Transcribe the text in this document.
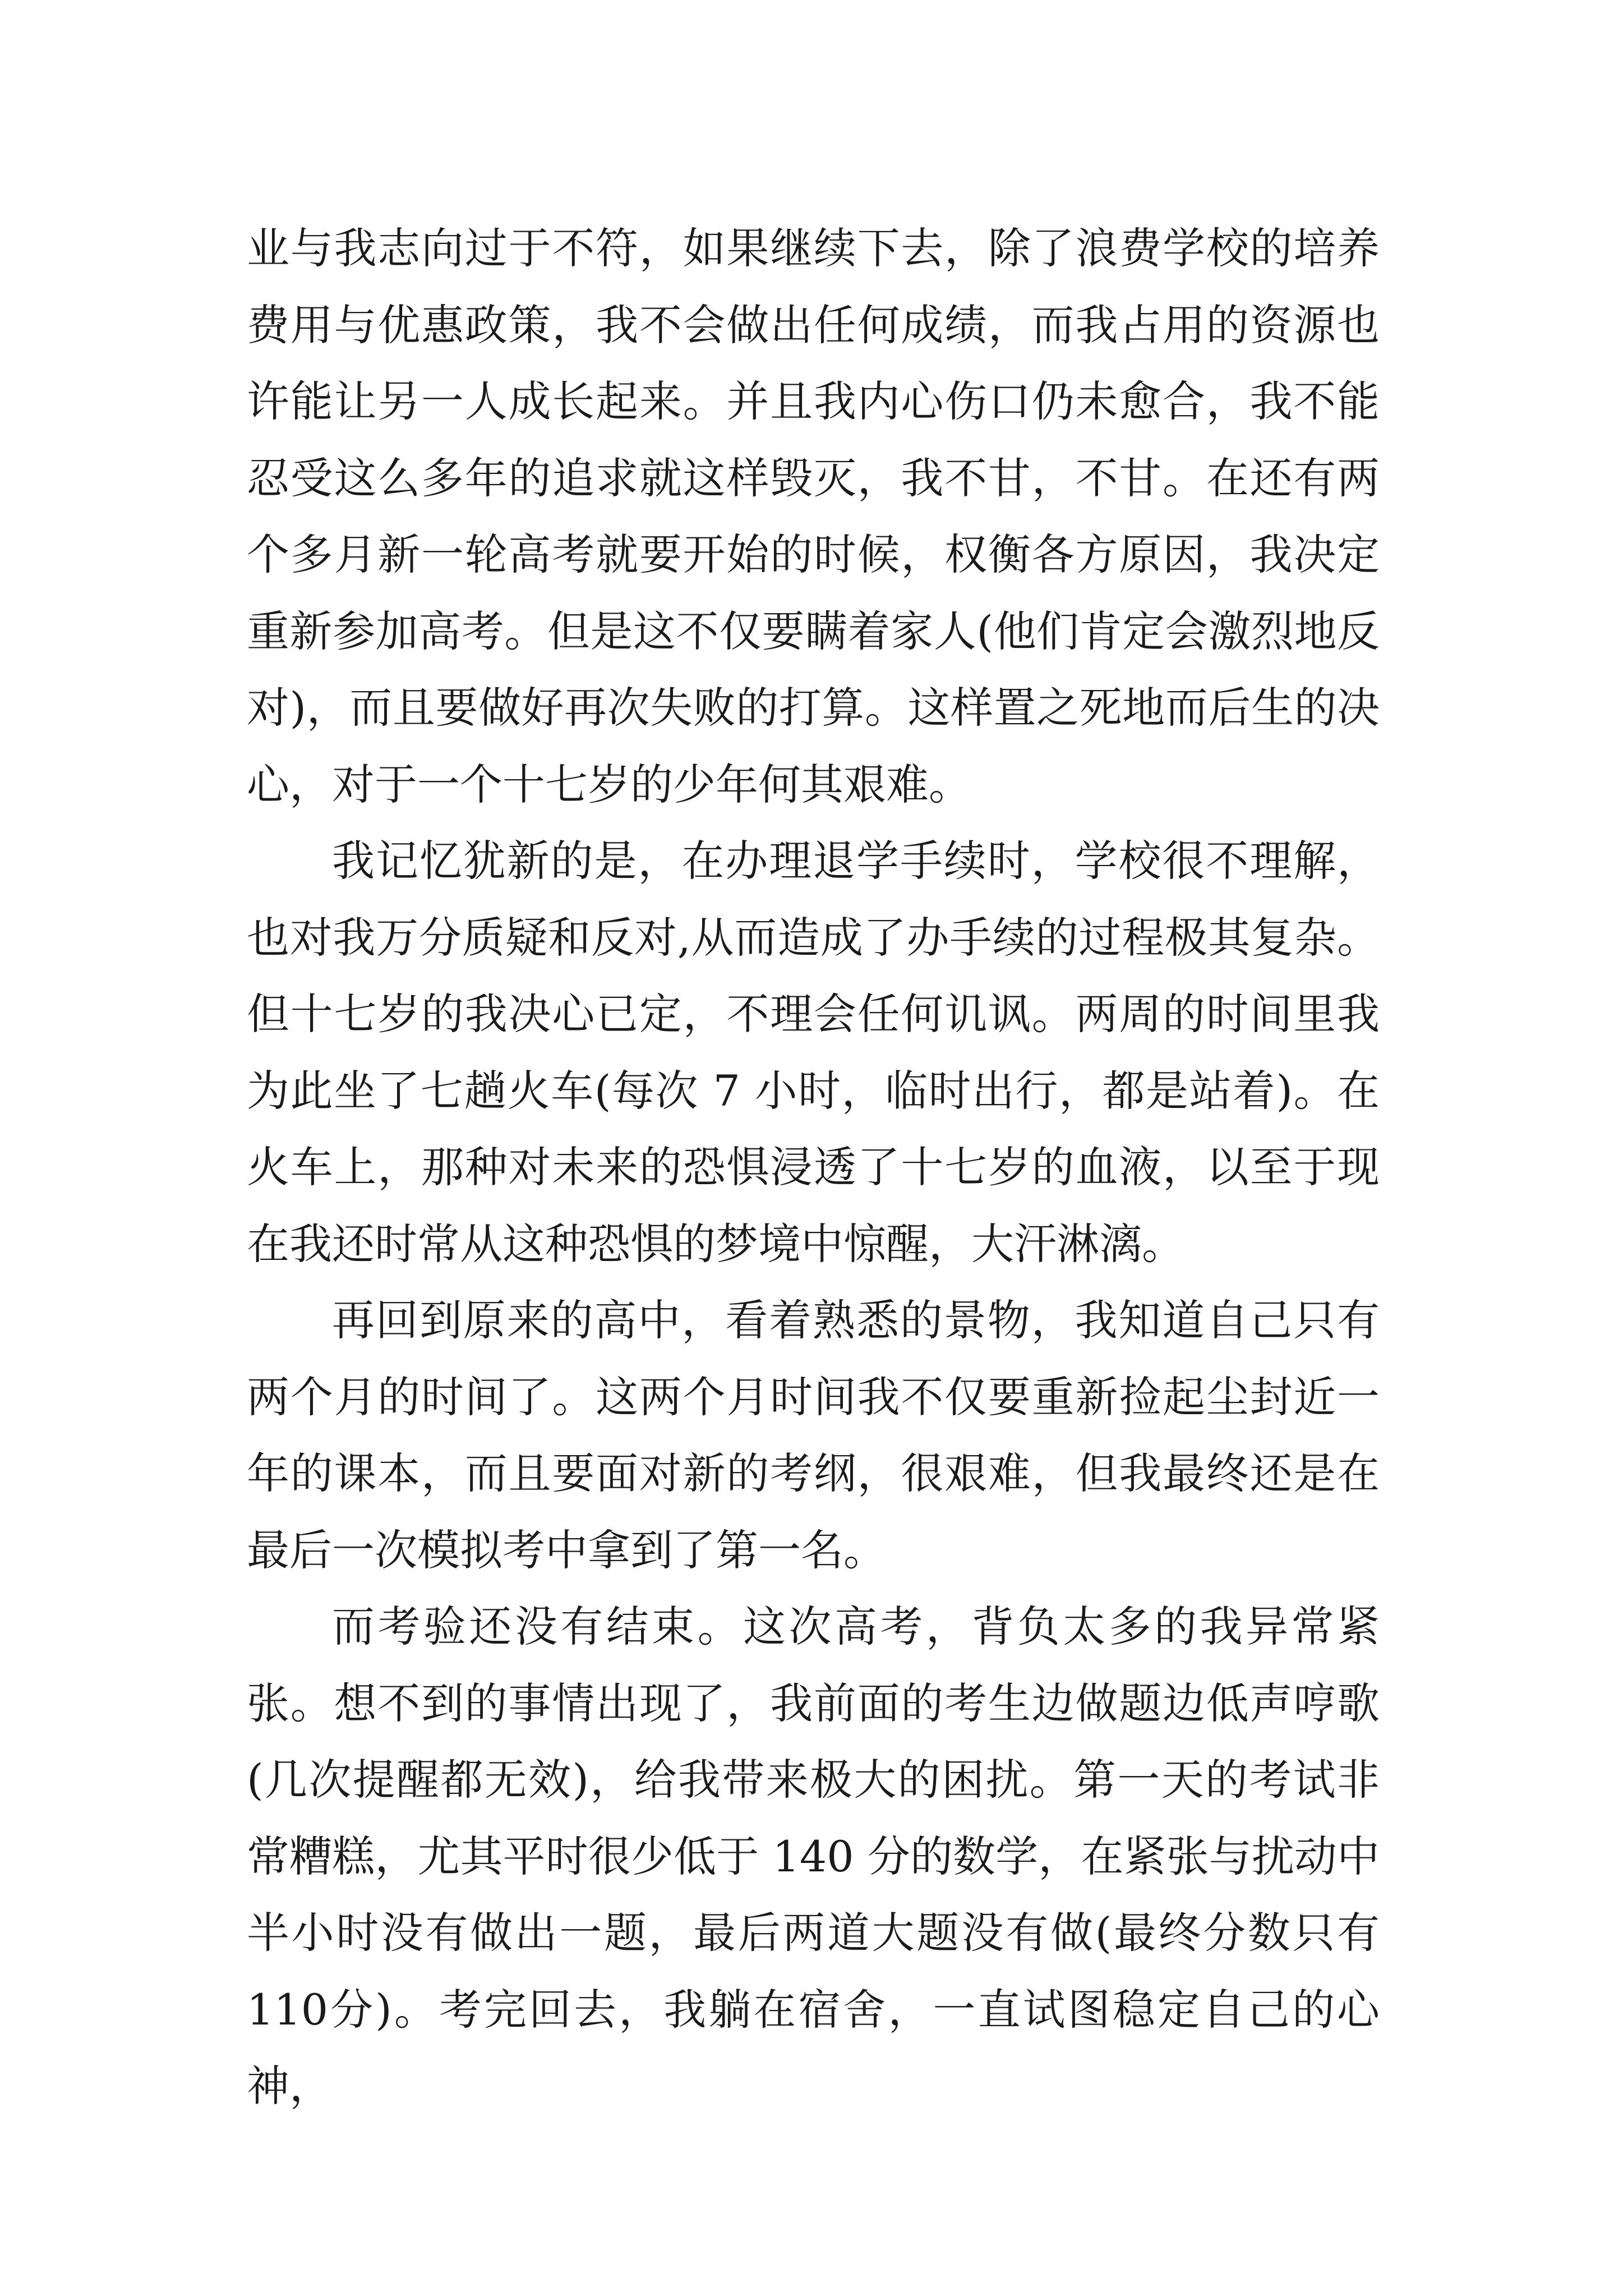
业与我志向过于不符，如果继续下去，除了浪费学校的培养费用与优惠政策，我不会做出任何成绩，而我占用的资源也许能让另一人成长起来。并且我内心伤口仍未愈合，我不能忍受这么多年的追求就这样毁灭，我不甘，不甘。在还有两个多月新一轮高考就要开始的时候，权衡各方原因，我决定重新参加高考。但是这不仅要瞒着家人(他们肯定会激烈地反对)，而且要做好再次失败的打算。这样置之死地而后生的决心，对于一个十七岁的少年何其艰难。

我记忆犹新的是，在办理退学手续时，学校很不理解，也对我万分质疑和反对,从而造成了办手续的过程极其复杂。但十七岁的我决心已定，不理会任何讥讽。两周的时间里我为此坐了七趟火车(每次 7 小时，临时出行，都是站着)。在火车上，那种对未来的恐惧浸透了十七岁的血液，以至于现在我还时常从这种恐惧的梦境中惊醒，大汗淋漓。

再回到原来的高中，看着熟悉的景物，我知道自己只有两个月的时间了。这两个月时间我不仅要重新捡起尘封近一年的课本，而且要面对新的考纲，很艰难，但我最终还是在最后一次模拟考中拿到了第一名。

而考验还没有结束。这次高考，背负太多的我异常紧张。想不到的事情出现了，我前面的考生边做题边低声哼歌(几次提醒都无效)，给我带来极大的困扰。第一天的考试非常糟糕，尤其平时很少低于 140 分的数学，在紧张与扰动中半小时没有做出一题，最后两道大题没有做(最终分数只有 110分)。考完回去，我躺在宿舍，一直试图稳定自己的心神，
